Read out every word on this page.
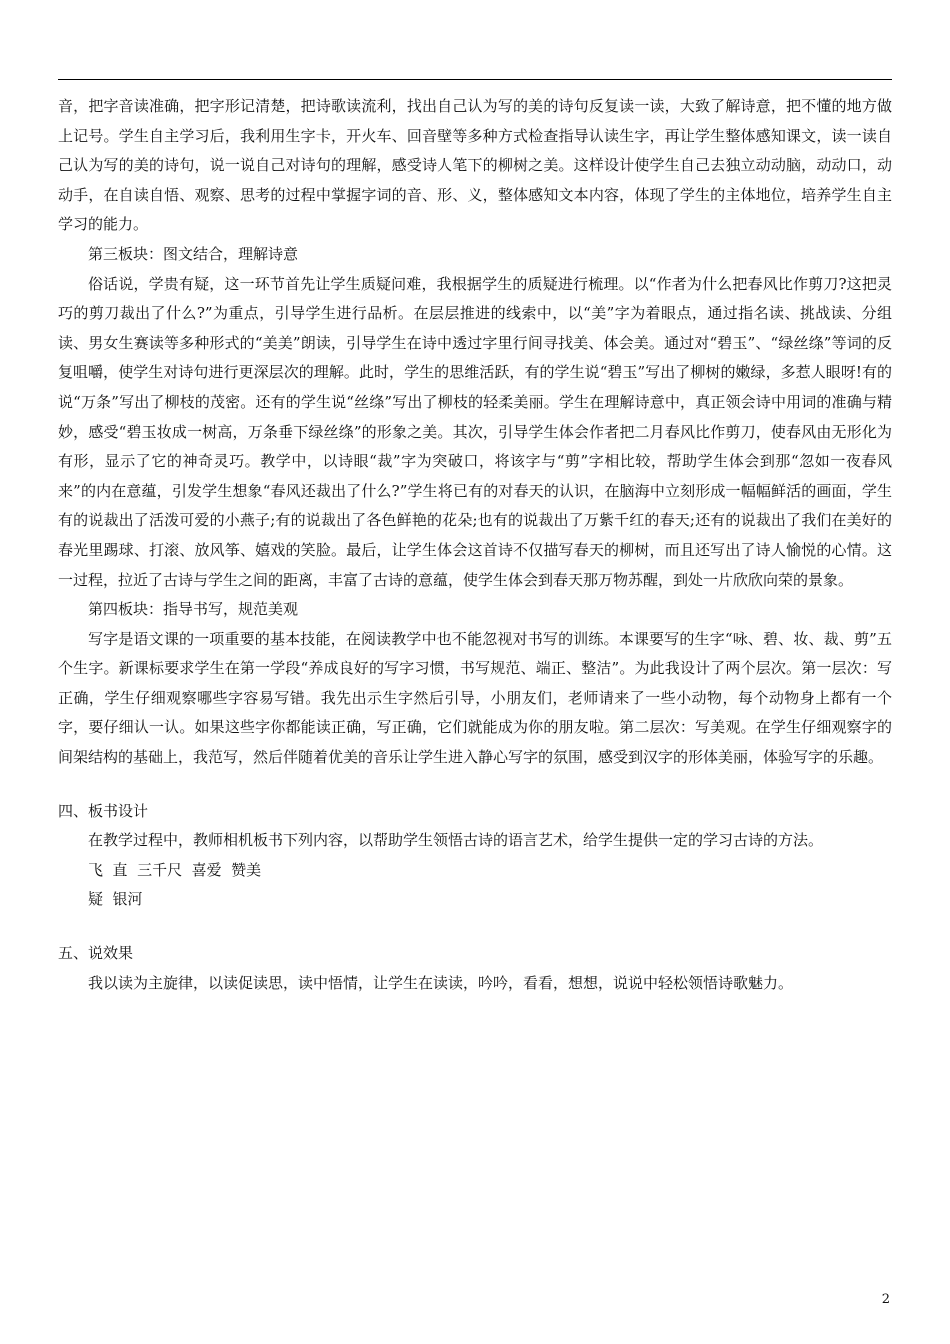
音，把字音读准确，把字形记清楚，把诗歌读流利，找出自己认为写的美的诗句反复读一读，大致了解诗意，把不懂的地方做上记号。学生自主学习后，我利用生字卡，开火车、回音壁等多种方式检查指导认读生字，再让学生整体感知课文，读一读自己认为写的美的诗句，说一说自己对诗句的理解，感受诗人笔下的柳树之美。这样设计使学生自己去独立动动脑，动动口，动动手，在自读自悟、观察、思考的过程中掌握字词的音、形、义，整体感知文本内容，体现了学生的主体地位，培养学生自主学习的能力。

第三板块：图文结合，理解诗意

俗话说，学贵有疑，这一环节首先让学生质疑问难，我根据学生的质疑进行梳理。以“作者为什么把春风比作剪刀?这把灵巧的剪刀裁出了什么?”为重点，引导学生进行品析。在层层推进的线索中，以“美”字为着眼点，通过指名读、挑战读、分组读、男女生赛读等多种形式的“美美”朗读，引导学生在诗中透过字里行间寻找美、体会美。通过对“碧玉”、“绿丝绦”等词的反复咀嚼，使学生对诗句进行更深层次的理解。此时，学生的思维活跃，有的学生说“碧玉”写出了柳树的嫩绿，多惹人眼呀!有的说“万条”写出了柳枝的茂密。还有的学生说“丝绦”写出了柳枝的轻柔美丽。学生在理解诗意中，真正领会诗中用词的准确与精妙，感受“碧玉妆成一树高，万条垂下绿丝绦”的形象之美。其次，引导学生体会作者把二月春风比作剪刀，使春风由无形化为有形，显示了它的神奇灵巧。教学中，以诗眼“裁”字为突破口，将该字与“剪”字相比较，帮助学生体会到那“忽如一夜春风来”的内在意蕴，引发学生想象“春风还裁出了什么?”学生将已有的对春天的认识，在脑海中立刻形成一幅幅鲜活的画面，学生有的说裁出了活泼可爱的小燕子;有的说裁出了各色鲜艳的花朵;也有的说裁出了万紫千红的春天;还有的说裁出了我们在美好的春光里踢球、打滚、放风筝、嬉戏的笑脸。最后，让学生体会这首诗不仅描写春天的柳树，而且还写出了诗人愉悦的心情。这一过程，拉近了古诗与学生之间的距离，丰富了古诗的意蕴，使学生体会到春天那万物苏醒，到处一片欣欣向荣的景象。

第四板块：指导书写，规范美观

写字是语文课的一项重要的基本技能，在阅读教学中也不能忽视对书写的训练。本课要写的生字“咏、碧、妆、裁、剪”五个生字。新课标要求学生在第一学段“养成良好的写字习惯，书写规范、端正、整洁”。为此我设计了两个层次。第一层次：写正确，学生仔细观察哪些字容易写错。我先出示生字然后引导，小朋友们，老师请来了一些小动物，每个动物身上都有一个字，要仔细认一认。如果这些字你都能读正确，写正确，它们就能成为你的朋友啦。第二层次：写美观。在学生仔细观察字的间架结构的基础上，我范写，然后伴随着优美的音乐让学生进入静心写字的氛围，感受到汉字的形体美丽，体验写字的乐趣。

四、板书设计

在教学过程中，教师相机板书下列内容，以帮助学生领悟古诗的语言艺术，给学生提供一定的学习古诗的方法。

飞  直  三千尺  喜爱  赞美

疑  银河

五、说效果

我以读为主旋律，以读促读思，读中悟情，让学生在读读，吟吟，看看，想想，说说中轻松领悟诗歌魅力。

2
